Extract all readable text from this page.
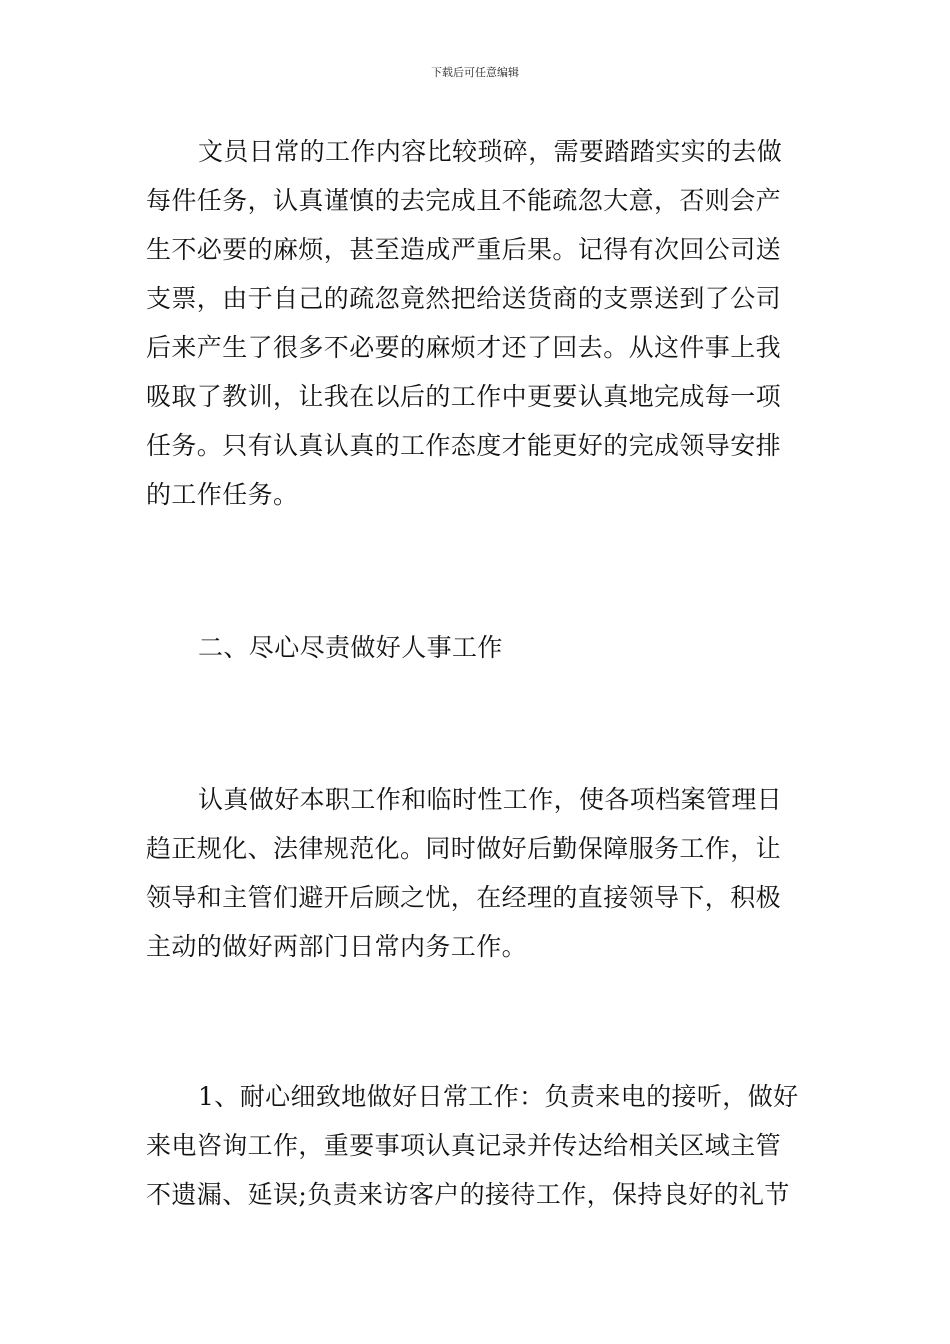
下载后可任意编辑
文员日常的工作内容比较琐碎，需要踏踏实实的去做
每件任务，认真谨慎的去完成且不能疏忽大意，否则会产
生不必要的麻烦，甚至造成严重后果。记得有次回公司送
支票，由于自己的疏忽竟然把给送货商的支票送到了公司
后来产生了很多不必要的麻烦才还了回去。从这件事上我
吸取了教训，让我在以后的工作中更要认真地完成每一项
任务。只有认真认真的工作态度才能更好的完成领导安排
的工作任务。
二、尽心尽责做好人事工作
认真做好本职工作和临时性工作，使各项档案管理日
趋正规化、法律规范化。同时做好后勤保障服务工作，让
领导和主管们避开后顾之忧，在经理的直接领导下，积极
主动的做好两部门日常内务工作。
1、耐心细致地做好日常工作：负责来电的接听，做好
来电咨询工作，重要事项认真记录并传达给相关区域主管
不遗漏、延误;负责来访客户的接待工作，保持良好的礼节
